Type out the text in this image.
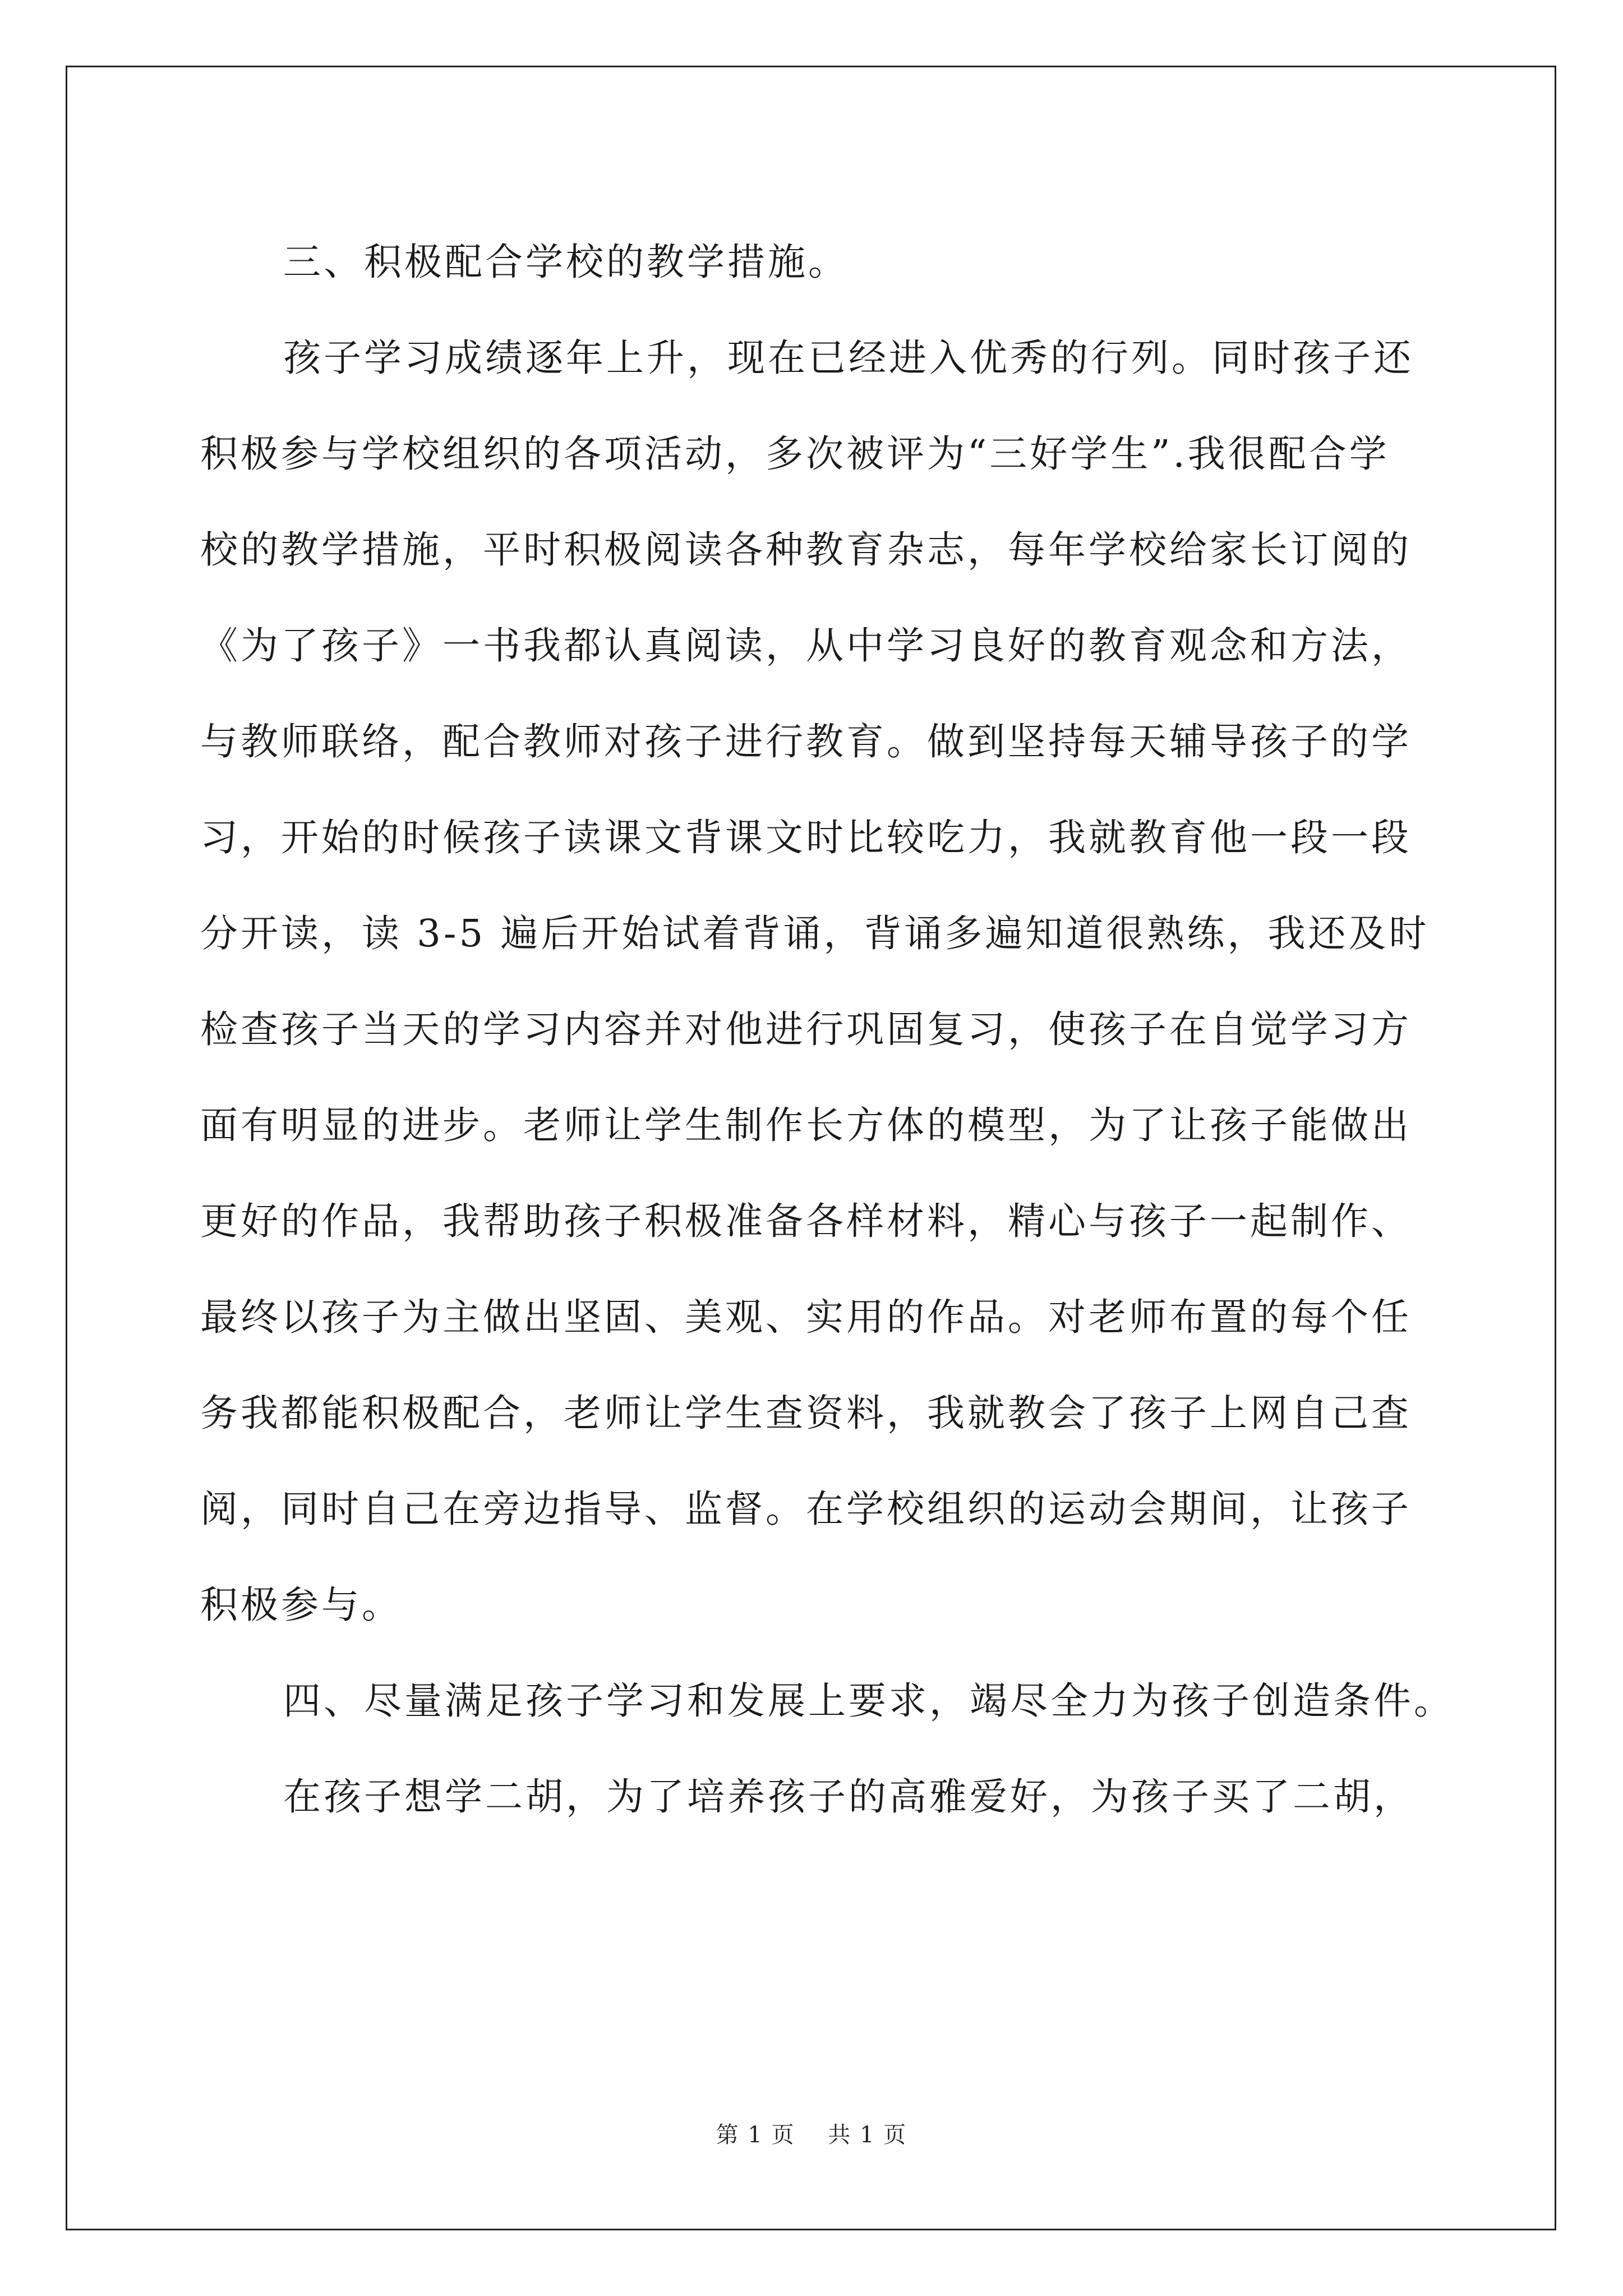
三、积极配合学校的教学措施。
孩子学习成绩逐年上升，现在已经进入优秀的行列。同时孩子还
积极参与学校组织的各项活动，多次被评为“三好学生”.我很配合学
校的教学措施，平时积极阅读各种教育杂志，每年学校给家长订阅的
《为了孩子》一书我都认真阅读，从中学习良好的教育观念和方法，
与教师联络，配合教师对孩子进行教育。做到坚持每天辅导孩子的学
习，开始的时候孩子读课文背课文时比较吃力，我就教育他一段一段
分开读，读 3-5 遍后开始试着背诵，背诵多遍知道很熟练，我还及时
检查孩子当天的学习内容并对他进行巩固复习，使孩子在自觉学习方
面有明显的进步。老师让学生制作长方体的模型，为了让孩子能做出
更好的作品，我帮助孩子积极准备各样材料，精心与孩子一起制作、
最终以孩子为主做出坚固、美观、实用的作品。对老师布置的每个任
务我都能积极配合，老师让学生查资料，我就教会了孩子上网自己查
阅，同时自己在旁边指导、监督。在学校组织的运动会期间，让孩子
积极参与。
四、尽量满足孩子学习和发展上要求，竭尽全力为孩子创造条件。
在孩子想学二胡，为了培养孩子的高雅爱好，为孩子买了二胡，
第 1 页    共 1 页
